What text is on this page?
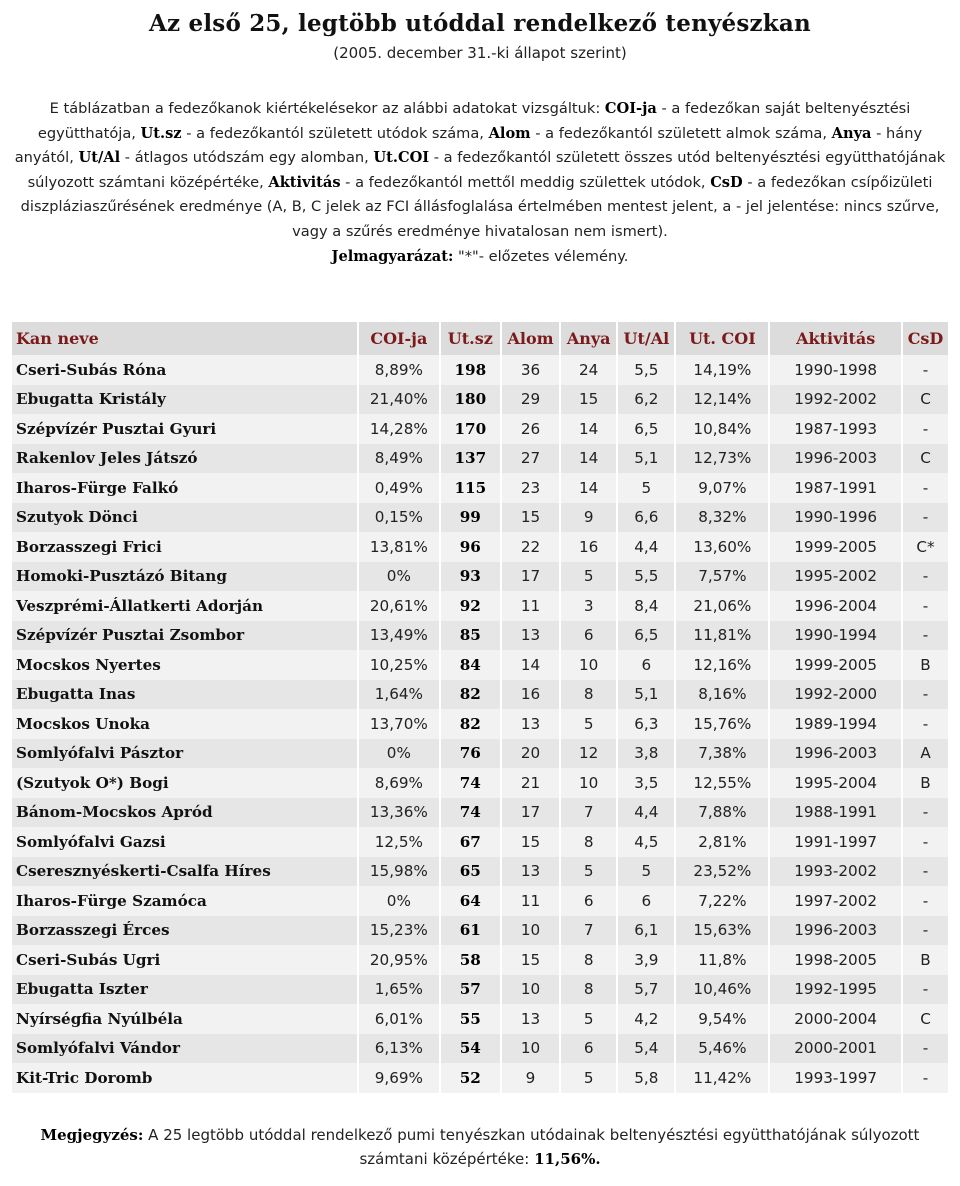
Az első 25, legtöbb utóddal rendelkező tenyészkan
(2005. december 31.-ki állapot szerint)
E táblázatban a fedezőkanok kiértékelésekor az alábbi adatokat vizsgáltuk: COI-ja - a fedezőkan saját beltenyésztési együtthatója, Ut.sz - a fedezőkantól született utódok száma, Alom - a fedezőkantól született almok száma, Anya - hány anyától, Ut/Al - átlagos utódszám egy alomban, Ut.COI - a fedezőkantól született összes utód beltenyésztési együtthatójának súlyozott számtani középértéke, Aktivitás - a fedezőkantól mettől meddig születtek utódok, CsD - a fedezőkan csípőizületi diszpláziaszűrésének eredménye (A, B, C jelek az FCI állásfoglalása értelmében mentest jelent, a - jel jelentése: nincs szűrve, vagy a szűrés eredménye hivatalosan nem ismert).
Jelmagyarázat: "*"- előzetes vélemény.
Kan neve	COI-ja	Ut.sz	Alom	Anya	Ut/Al	Ut. COI	Aktivitás	CsD
Cseri-Subás Róna	8,89%	198	36	24	5,5	14,19%	1990-1998	-
Ebugatta Kristály	21,40%	180	29	15	6,2	12,14%	1992-2002	C
Szépvízér Pusztai Gyuri	14,28%	170	26	14	6,5	10,84%	1987-1993	-
Rakenlov Jeles Játszó	8,49%	137	27	14	5,1	12,73%	1996-2003	C
Iharos-Fürge Falkó	0,49%	115	23	14	5	9,07%	1987-1991	-
Szutyok Dönci	0,15%	99	15	9	6,6	8,32%	1990-1996	-
Borzasszegi Frici	13,81%	96	22	16	4,4	13,60%	1999-2005	C*
Homoki-Pusztázó Bitang	0%	93	17	5	5,5	7,57%	1995-2002	-
Veszprémi-Állatkerti Adorján	20,61%	92	11	3	8,4	21,06%	1996-2004	-
Szépvízér Pusztai Zsombor	13,49%	85	13	6	6,5	11,81%	1990-1994	-
Mocskos Nyertes	10,25%	84	14	10	6	12,16%	1999-2005	B
Ebugatta Inas	1,64%	82	16	8	5,1	8,16%	1992-2000	-
Mocskos Unoka	13,70%	82	13	5	6,3	15,76%	1989-1994	-
Somlyófalvi Pásztor	0%	76	20	12	3,8	7,38%	1996-2003	A
(Szutyok O*) Bogi	8,69%	74	21	10	3,5	12,55%	1995-2004	B
Bánom-Mocskos Apród	13,36%	74	17	7	4,4	7,88%	1988-1991	-
Somlyófalvi Gazsi	12,5%	67	15	8	4,5	2,81%	1991-1997	-
Cseresznyéskerti-Csalfa Híres	15,98%	65	13	5	5	23,52%	1993-2002	-
Iharos-Fürge Szamóca	0%	64	11	6	6	7,22%	1997-2002	-
Borzasszegi Érces	15,23%	61	10	7	6,1	15,63%	1996-2003	-
Cseri-Subás Ugri	20,95%	58	15	8	3,9	11,8%	1998-2005	B
Ebugatta Iszter	1,65%	57	10	8	5,7	10,46%	1992-1995	-
Nyírségfia Nyúlbéla	6,01%	55	13	5	4,2	9,54%	2000-2004	C
Somlyófalvi Vándor	6,13%	54	10	6	5,4	5,46%	2000-2001	-
Kit-Tric Doromb	9,69%	52	9	5	5,8	11,42%	1993-1997	-
Megjegyzés: A 25 legtöbb utóddal rendelkező pumi tenyészkan utódainak beltenyésztési együtthatójának súlyozott számtani középértéke: 11,56%.
